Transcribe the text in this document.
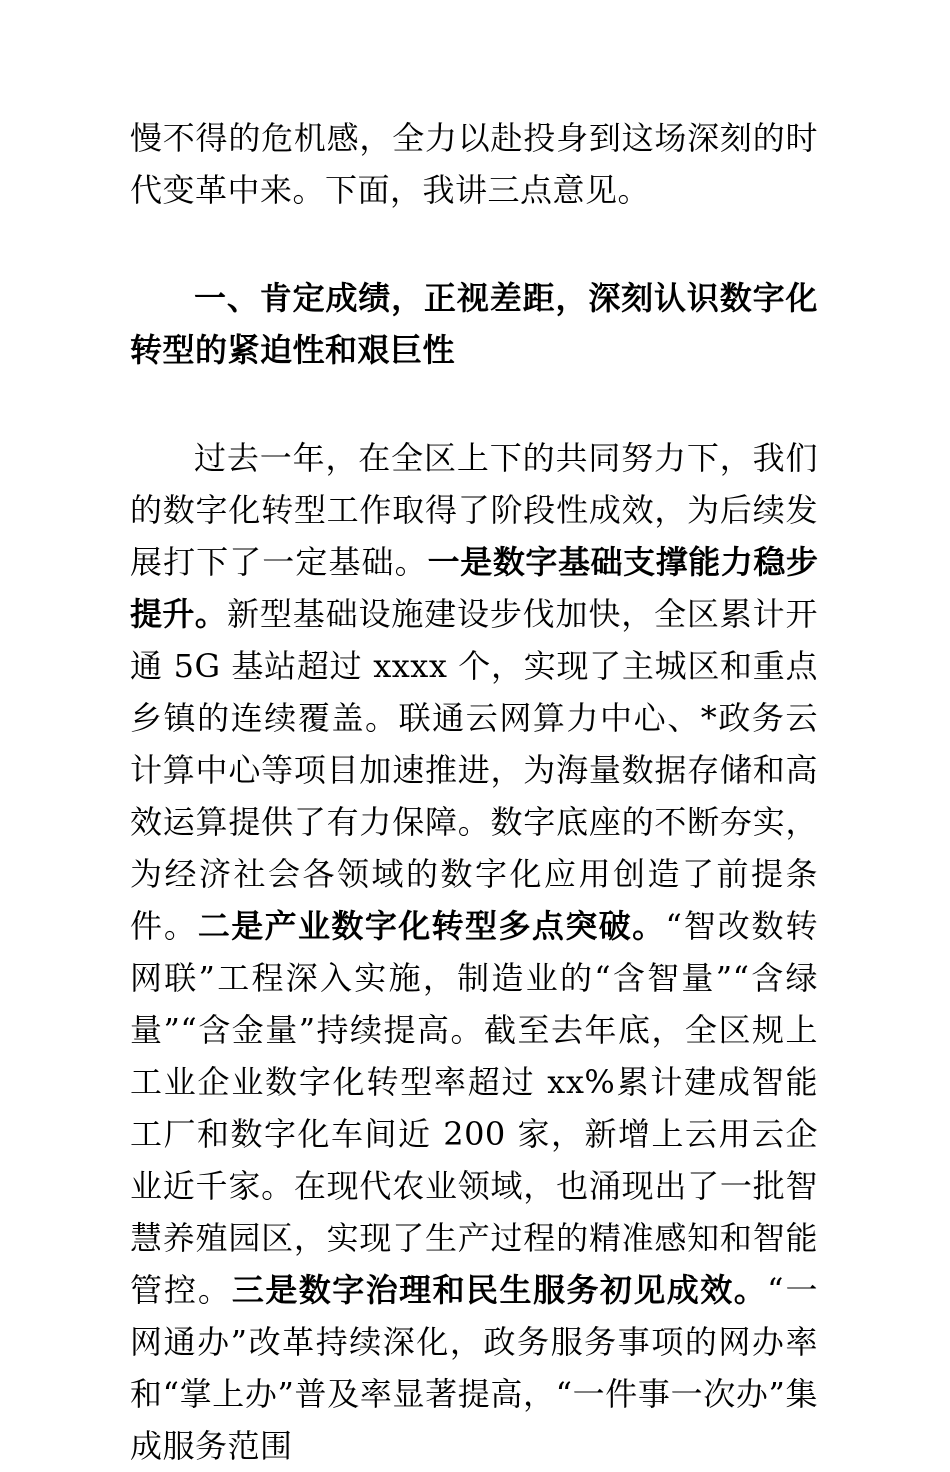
慢不得的危机感，全力以赴投身到这场深刻的时代变革中来。下面，我讲三点意见。

一、肯定成绩，正视差距，深刻认识数字化转型的紧迫性和艰巨性

过去一年，在全区上下的共同努力下，我们的数字化转型工作取得了阶段性成效，为后续发展打下了一定基础。一是数字基础支撑能力稳步提升。新型基础设施建设步伐加快，全区累计开通 5G 基站超过 xxxx 个，实现了主城区和重点乡镇的连续覆盖。联通云网算力中心、*政务云计算中心等项目加速推进，为海量数据存储和高效运算提供了有力保障。数字底座的不断夯实，为经济社会各领域的数字化应用创造了前提条件。二是产业数字化转型多点突破。“智改数转网联”工程深入实施，制造业的“含智量”“含绿量”“含金量”持续提高。截至去年底，全区规上工业企业数字化转型率超过 xx%累计建成智能工厂和数字化车间近 200 家，新增上云用云企业近千家。在现代农业领域，也涌现出了一批智慧养殖园区，实现了生产过程的精准感知和智能管控。三是数字治理和民生服务初见成效。“一网通办”改革持续深化，政务服务事项的网办率和“掌上办”普及率显著提高，“一件事一次办”集成服务范围
